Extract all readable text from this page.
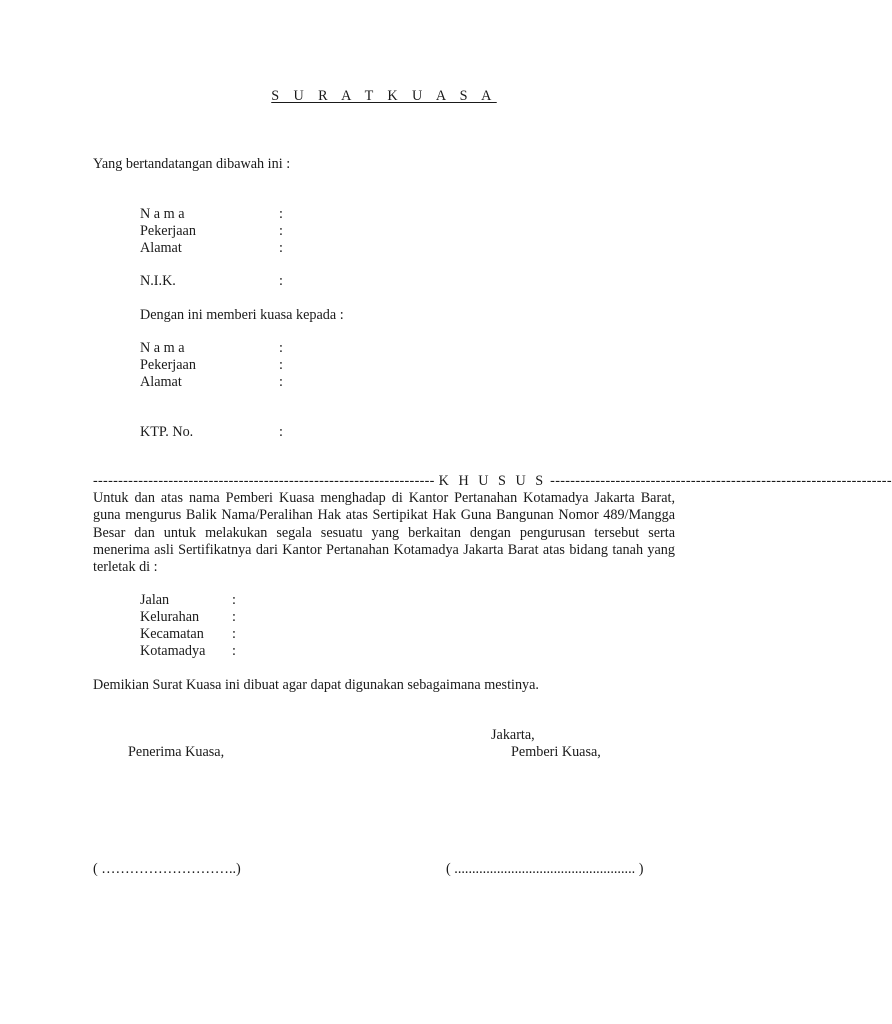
S U R A T K U A S A
Yang bertandatangan dibawah ini :
N a m a	:
Pekerjaan	:
Alamat	:
N.I.K.	:
Dengan ini memberi kuasa kepada :
N a m a	:
Pekerjaan	:
Alamat	:
KTP. No.	:
-------------------------------------------------------------------- K H U S U S --------------------------------------------------------------------
Untuk dan atas nama Pemberi Kuasa menghadap di Kantor Pertanahan Kotamadya Jakarta Barat, guna mengurus Balik Nama/Peralihan Hak atas Sertipikat Hak Guna Bangunan Nomor 489/Mangga Besar dan untuk melakukan segala sesuatu yang berkaitan dengan pengurusan tersebut serta menerima asli Sertifikatnya dari Kantor Pertanahan Kotamadya Jakarta Barat atas bidang tanah yang terletak di :
Jalan	:
Kelurahan :
Kecamatan :
Kotamadya :
Demikian Surat Kuasa ini dibuat agar dapat digunakan sebagaimana mestinya.
Jakarta,
Penerima Kuasa,	Pemberi Kuasa,
( ………………………..)	( ................................................... )
